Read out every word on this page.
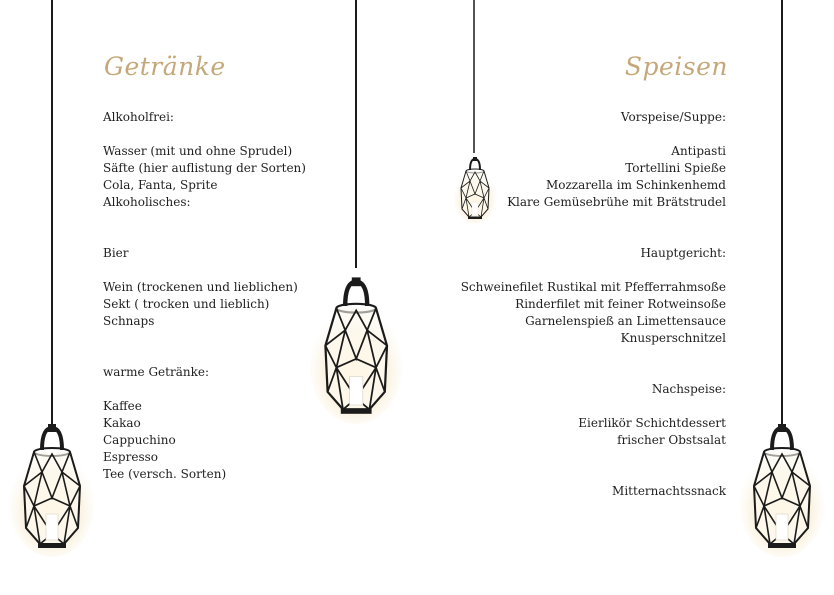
Getränke	Speisen
Alkoholfrei:
Wasser (mit und ohne Sprudel)
Säfte (hier auflistung der Sorten)
Cola, Fanta, Sprite
Alkoholisches:
Bier
Wein (trockenen und lieblichen)
Sekt ( trocken und lieblich)
Schnaps
warme Getränke:
Kaffee
Kakao
Cappuchino
Espresso
Tee (versch. Sorten)
Vorspeise/Suppe:
Antipasti
Tortellini Spieße
Mozzarella im Schinkenhemd
Klare Gemüsebrühe mit Brätstrudel
Hauptgericht:
Schweinefilet Rustikal mit Pfefferrahmsoße
Rinderfilet mit feiner Rotweinsoße
Garnelenspieß an Limettensauce
Knusperschnitzel
Nachspeise:
Eierlikör Schichtdessert
frischer Obstsalat
Mitternachtssnack
